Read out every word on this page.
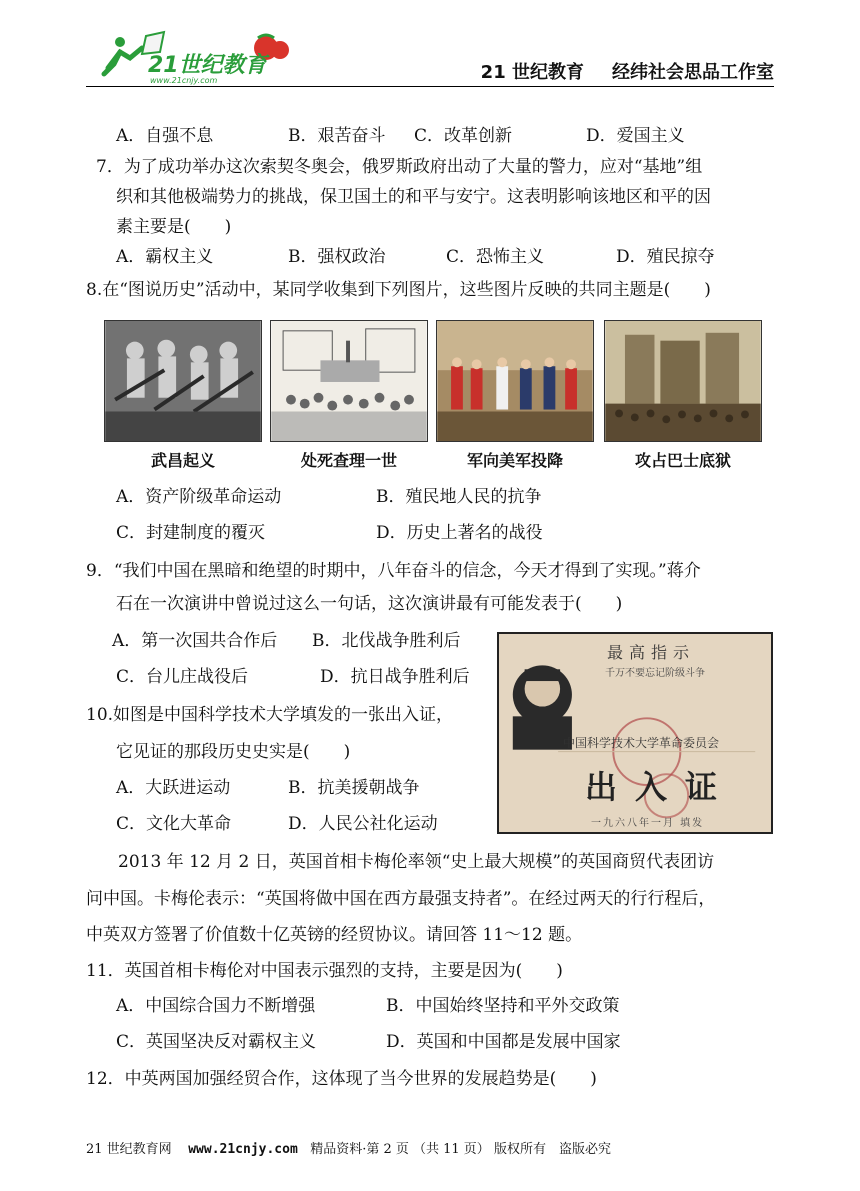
21世纪教育
www.21cnjy.com	21 世纪教育 经纬社会思品工作室
A．自强不息	B．艰苦奋斗 C．改革创新	D．爱国主义
7．为了成功举办这次索契冬奥会，俄罗斯政府出动了大量的警力，应对“基地”组
织和其他极端势力的挑战，保卫国土的和平与安宁。这表明影响该地区和平的因
素主要是(　　)
A．霸权主义	B．强权政治	C．恐怖主义	D．殖民掠夺
8.在“图说历史”活动中，某同学收集到下列图片，这些图片反映的共同主题是(　　)
武昌起义	处死查理一世	军向美军投降	攻占巴士底狱
A．资产阶级革命运动	B．殖民地人民的抗争
C．封建制度的覆灭	D．历史上著名的战役
9．“我们中国在黑暗和绝望的时期中，八年奋斗的信念，今天才得到了实现。”蒋介
石在一次演讲中曾说过这么一句话，这次演讲最有可能发表于(　　)
A．第一次国共合作后 B．北伐战争胜利后
C．台儿庄战役后	D．抗日战争胜利后
最高指示
千万不要忘记阶级斗争
中国科学技术大学革命委员会
出入证
一九六八年一月 填发
10.如图是中国科学技术大学填发的一张出入证，
它见证的那段历史史实是(　　)
A．大跃进运动	B．抗美援朝战争
C．文化大革命	D．人民公社化运动
2013 年 12 月 2 日，英国首相卡梅伦率领“史上最大规模”的英国商贸代表团访
问中国。卡梅伦表示：“英国将做中国在西方最强支持者”。在经过两天的行行程后，
中英双方签署了价值数十亿英镑的经贸协议。请回答 11～12 题。
11．英国首相卡梅伦对中国表示强烈的支持，主要是因为(　　)
A．中国综合国力不断增强	B．中国始终坚持和平外交政策
C．英国坚决反对霸权主义	D．英国和中国都是发展中国家
12．中英两国加强经贸合作，这体现了当今世界的发展趋势是(　　)
21 世纪教育网 www.21cnjy.com 精品资料·第 2 页 （共 11 页） 版权所有　盗版必究
